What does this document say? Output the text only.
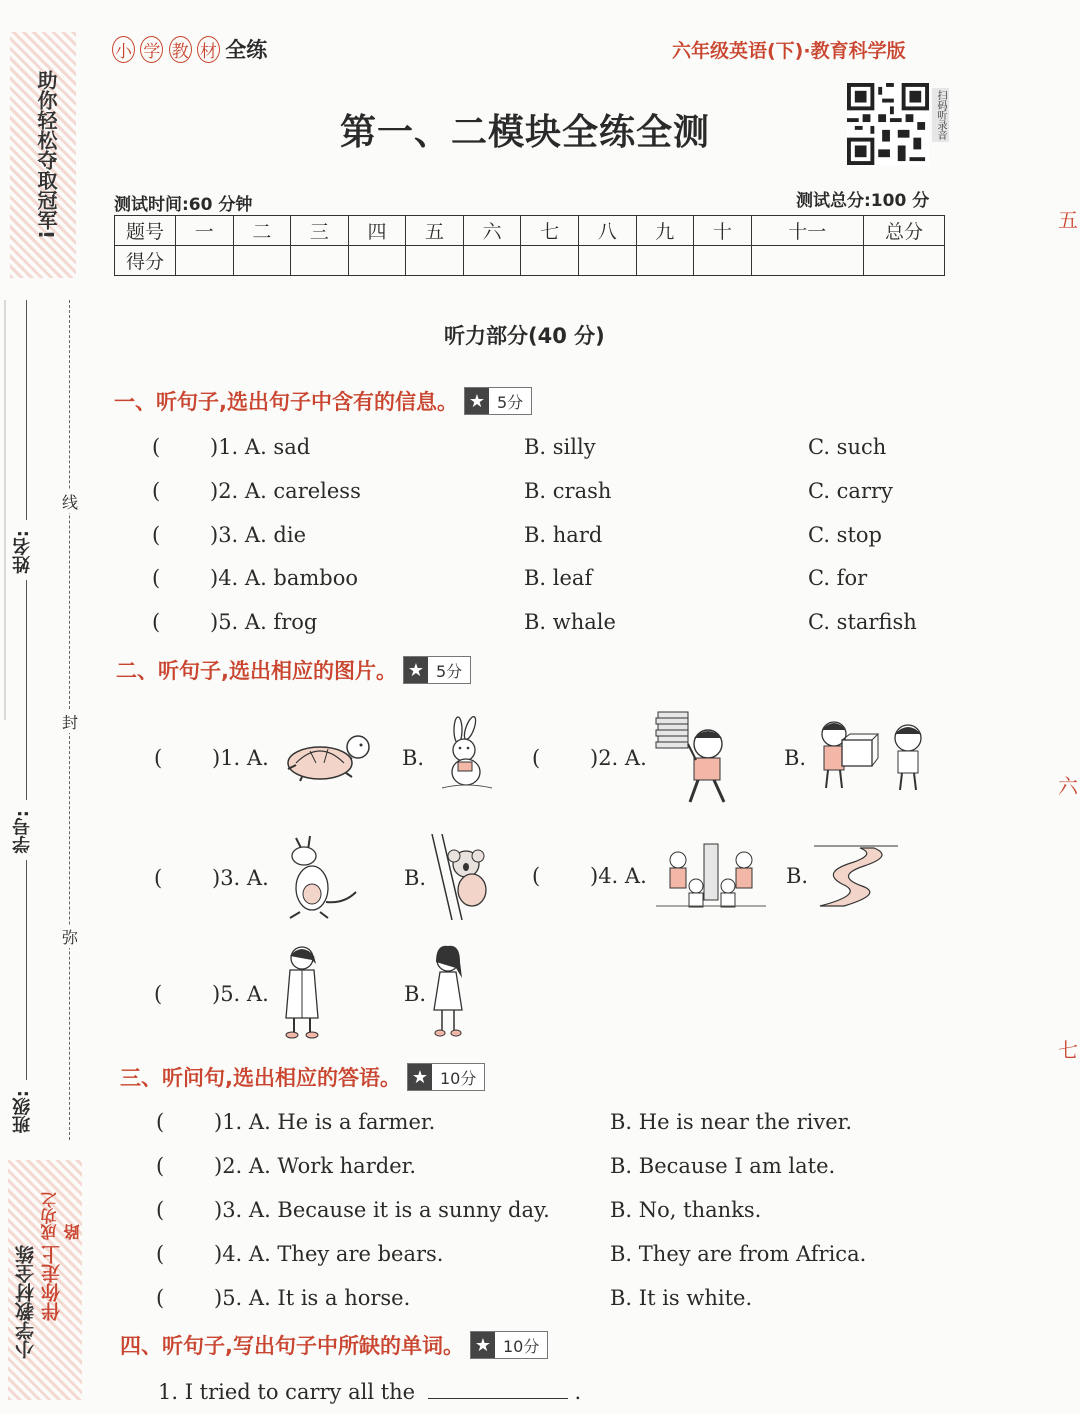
助你轻松夺取冠军!
线
封
弥
姓名:
学号:
班级:
小学教材全练 伴你走上
成功之路
五
六
七
小 学 教 材 全练	六年级英语(下)·教育科学版
第一、二模块全练全测	扫码听录音
测试时间:60 分钟	测试总分:100 分
题号	一	二	三	四	五	六	七	八	九	十	十一	总分
得分												
听力部分(40 分)
一、听句子,选出句子中含有的信息。 ★ 5分
( )1. A. sad	B. silly	C. such
( )2. A. careless	B. crash	C. carry
( )3. A. die	B. hard	C. stop
( )4. A. bamboo	B. leaf	C. for
( )5. A. frog	B. whale	C. starfish
二、听句子,选出相应的图片。 ★ 5分
( )1. A.	B.	( )2. A.	B.
( )3. A.	B.	( )4. A.	B.
( )5. A.	B.
三、听问句,选出相应的答语。 ★ 10分
( )1. A. He is a farmer.	B. He is near the river.
( )2. A. Work harder.	B. Because I am late.
( )3. A. Because it is a sunny day.	B. No, thanks.
( )4. A. They are bears.	B. They are from Africa.
( )5. A. It is a horse.	B. It is white.
四、听句子,写出句子中所缺的单词。 ★ 10分
1. I tried to carry all the	.
